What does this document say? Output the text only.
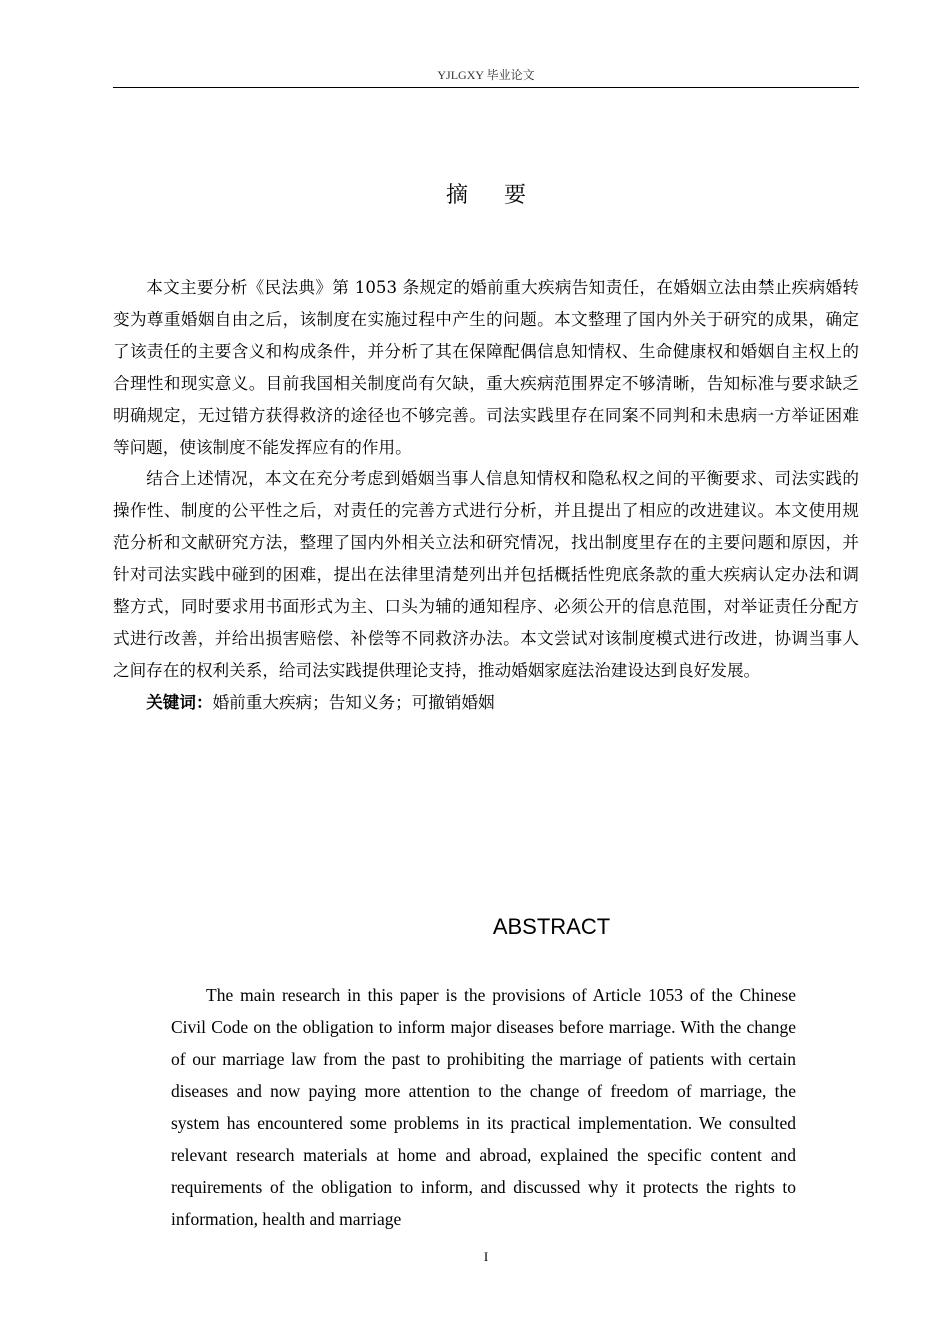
YJLGXY 毕业论文
摘要

本文主要分析《民法典》第 1053 条规定的婚前重大疾病告知责任，在婚姻立法由禁止疾病婚转变为尊重婚姻自由之后，该制度在实施过程中产生的问题。本文整理了国内外关于研究的成果，确定了该责任的主要含义和构成条件，并分析了其在保障配偶信息知情权、生命健康权和婚姻自主权上的合理性和现实意义。目前我国相关制度尚有欠缺，重大疾病范围界定不够清晰，告知标准与要求缺乏明确规定，无过错方获得救济的途径也不够完善。司法实践里存在同案不同判和未患病一方举证困难等问题，使该制度不能发挥应有的作用。

结合上述情况，本文在充分考虑到婚姻当事人信息知情权和隐私权之间的平衡要求、司法实践的操作性、制度的公平性之后，对责任的完善方式进行分析，并且提出了相应的改进建议。本文使用规范分析和文献研究方法，整理了国内外相关立法和研究情况，找出制度里存在的主要问题和原因，并针对司法实践中碰到的困难，提出在法律里清楚列出并包括概括性兜底条款的重大疾病认定办法和调整方式，同时要求用书面形式为主、口头为辅的通知程序、必须公开的信息范围，对举证责任分配方式进行改善，并给出损害赔偿、补偿等不同救济办法。本文尝试对该制度模式进行改进，协调当事人之间存在的权利关系，给司法实践提供理论支持，推动婚姻家庭法治建设达到良好发展。

关键词：婚前重大疾病；告知义务；可撤销婚姻

ABSTRACT

The main research in this paper is the provisions of Article 1053 of the Chinese Civil Code on the obligation to inform major diseases before marriage. With the change of our marriage law from the past to prohibiting the marriage of patients with certain diseases and now paying more attention to the change of freedom of marriage, the system has encountered some problems in its practical implementation. We consulted relevant research materials at home and abroad, explained the specific content and requirements of the obligation to inform, and discussed why it protects the rights to information, health and marriage

I
